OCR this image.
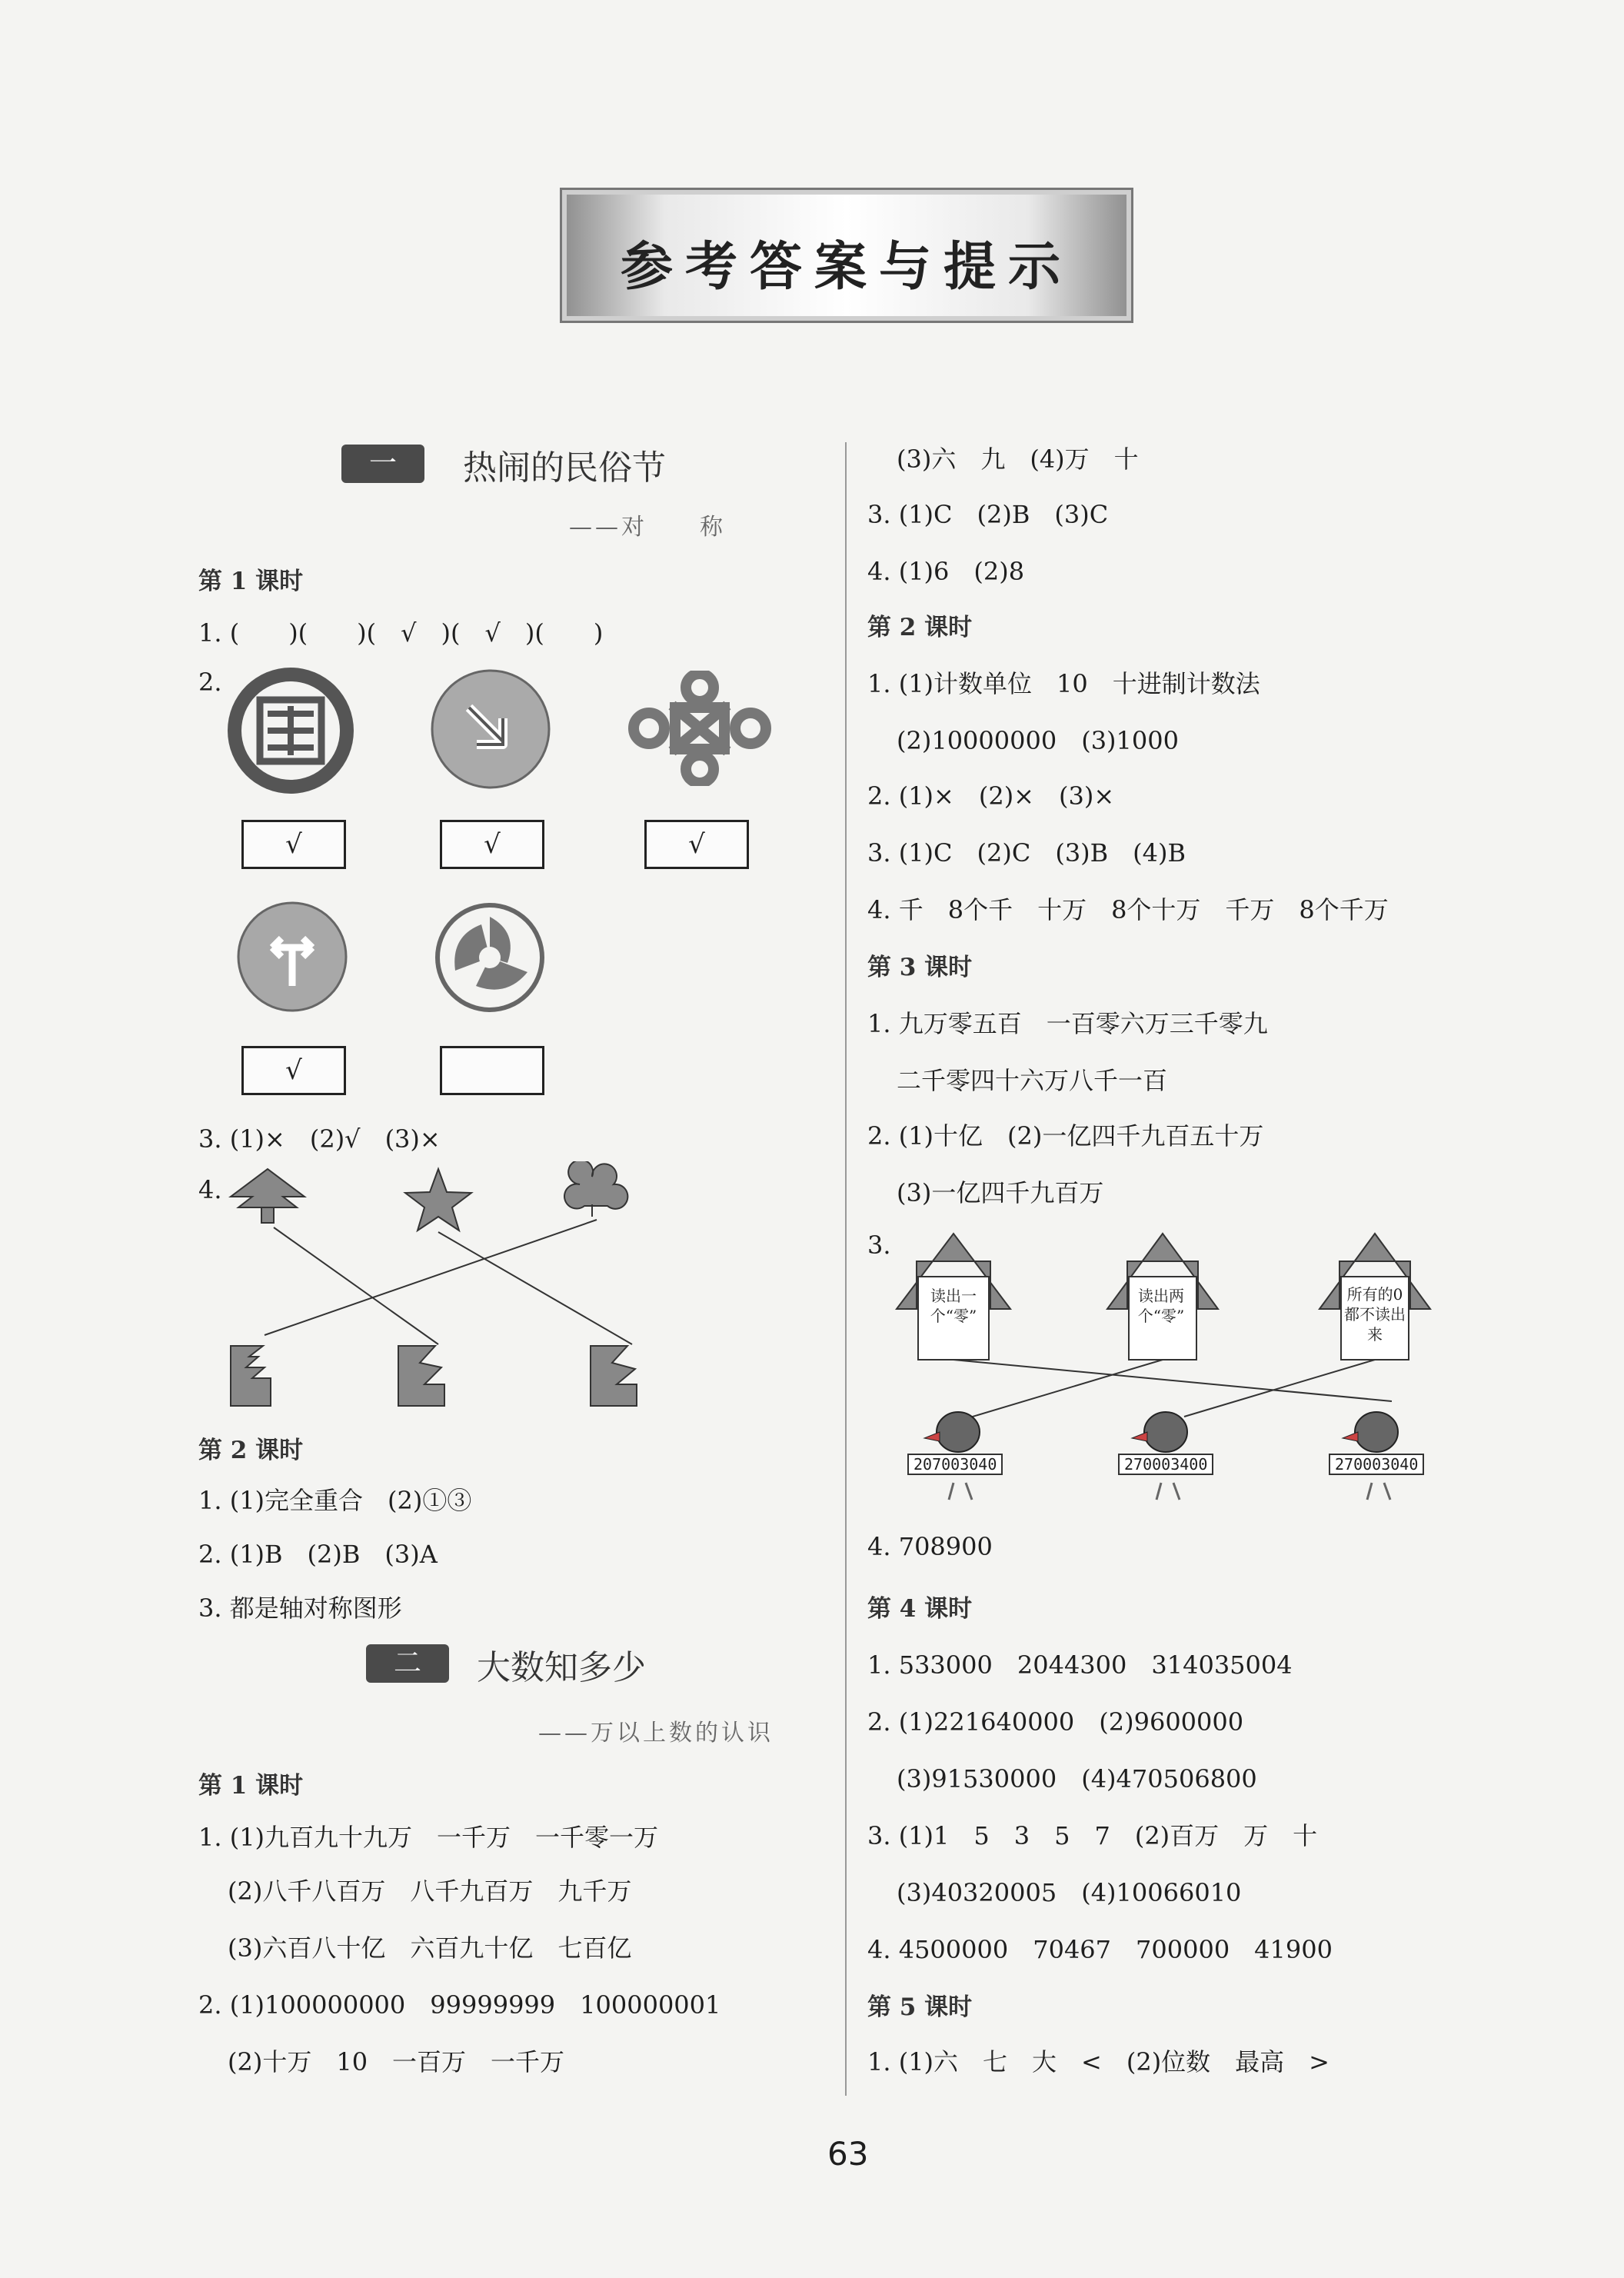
参考答案与提示
一	热闹的民俗节
——对　　称
第 1 课时
1. (　　)(　　)(　√　)(　√　)(　　)
2.
√	√	√
√
3. (1)×　(2)√　(3)×
4.
第 2 课时
1. (1)完全重合　(2)①③
2. (1)B　(2)B　(3)A
3. 都是轴对称图形
二	大数知多少
——万以上数的认识
第 1 课时
1. (1)九百九十九万　一千万　一千零一万
(2)八千八百万　八千九百万　九千万
(3)六百八十亿　六百九十亿　七百亿
2. (1)100000000　99999999　100000001
(2)十万　10　一百万　一千万
(3)六　九　(4)万　十
3. (1)C　(2)B　(3)C
4. (1)6　(2)8
第 2 课时
1. (1)计数单位　10　十进制计数法
(2)10000000　(3)1000
2. (1)×　(2)×　(3)×
3. (1)C　(2)C　(3)B　(4)B
4. 千　8个千　十万　8个十万　千万　8个千万
第 3 课时
1. 九万零五百　一百零六万三千零九
二千零四十六万八千一百
2. (1)十亿　(2)一亿四千九百五十万
(3)一亿四千九百万
3.
读出一个“零”
读出两个“零”
所有的0都不读出来
207003040	270003400	270003040
4. 708900
第 4 课时
1. 533000　2044300　314035004
2. (1)221640000　(2)9600000
(3)91530000　(4)470506800
3. (1)1　5　3　5　7　(2)百万　万　十
(3)40320005　(4)10066010
4. 4500000　70467　700000　41900
第 5 课时
1. (1)六　七　大　<　(2)位数　最高　>
63
